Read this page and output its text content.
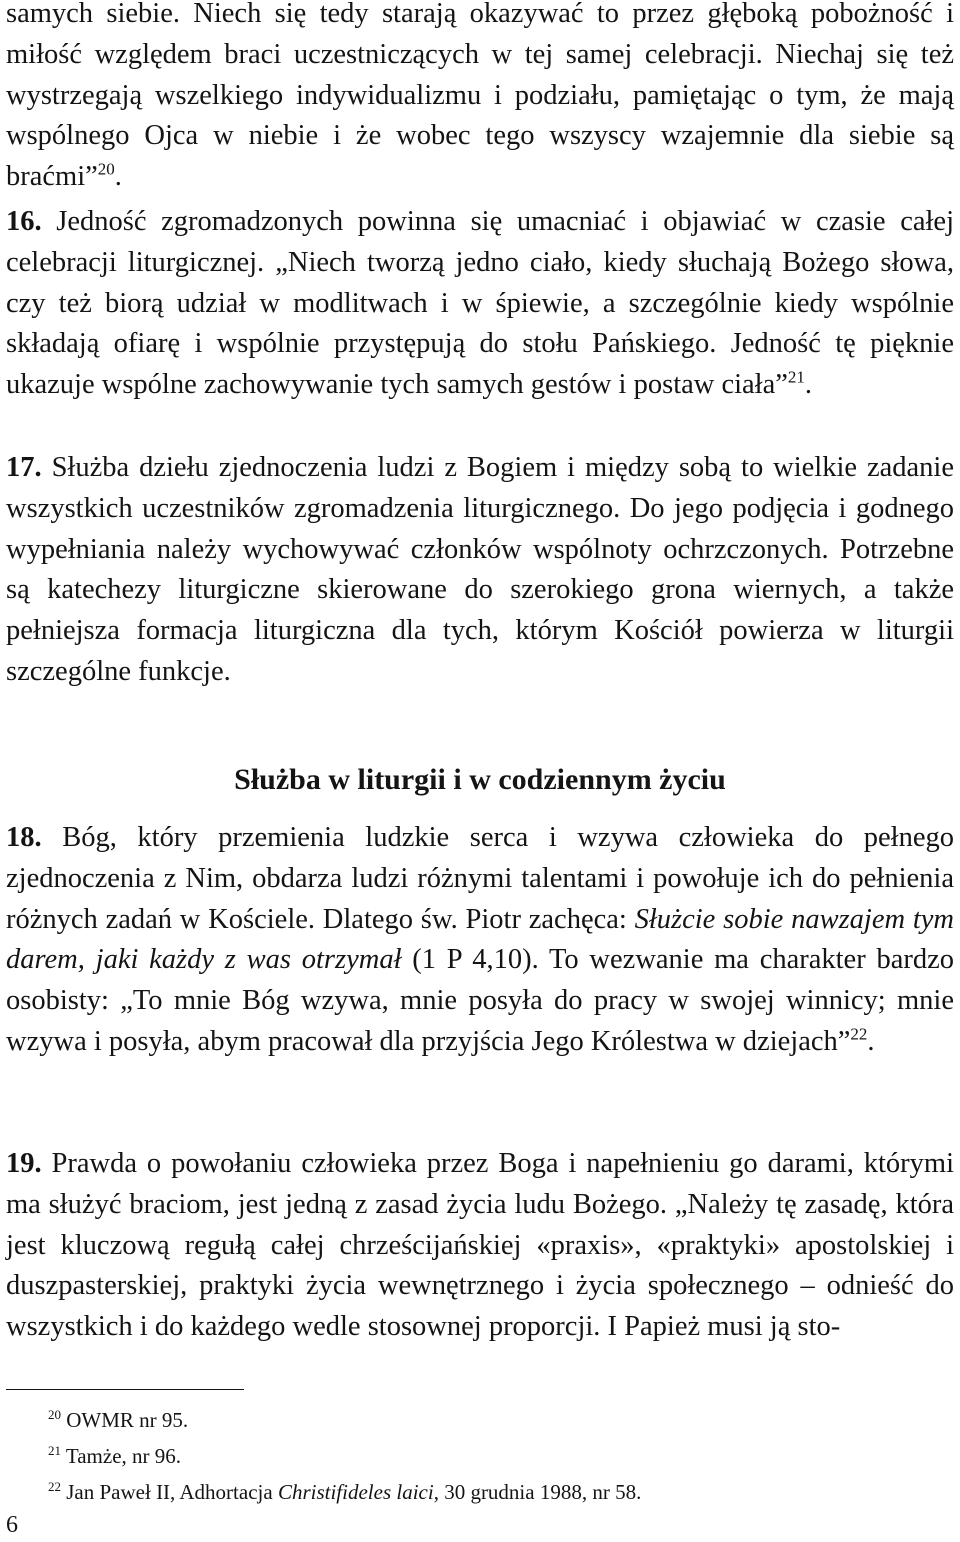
samych siebie. Niech się tedy starają okazywać to przez głęboką pobożność i miłość względem braci uczestniczących w tej samej celebracji. Niechaj się też wystrzegają wszelkiego indywidualizmu i podziału, pamiętając o tym, że mają wspólnego Ojca w niebie i że wobec tego wszyscy wzajemnie dla siebie są braćmi”$^{20}$.

16. Jedność zgromadzonych powinna się umacniać i objawiać w czasie całej celebracji liturgicznej. „Niech tworzą jedno ciało, kiedy słuchają Bożego słowa, czy też biorą udział w modlitwach i w śpiewie, a szczególnie kiedy wspólnie składają ofiarę i wspólnie przystępują do stołu Pańskiego. Jedność tę pięknie ukazuje wspólne zachowywanie tych samych gestów i postaw ciała”$^{21}$.

17. Służba dziełu zjednoczenia ludzi z Bogiem i między sobą to wielkie zadanie wszystkich uczestników zgromadzenia liturgicznego. Do jego podjęcia i godnego wypełniania należy wychowywać członków wspólnoty ochrzczonych. Potrzebne są katechezy liturgiczne skierowane do szerokiego grona wiernych, a także pełniejsza formacja liturgiczna dla tych, którym Kościół powierza w liturgii szczególne funkcje.

Służba w liturgii i w codziennym życiu

18. Bóg, który przemienia ludzkie serca i wzywa człowieka do pełnego zjednoczenia z Nim, obdarza ludzi różnymi talentami i powołuje ich do pełnienia różnych zadań w Kościele. Dlatego św. Piotr zachęca: Służcie sobie nawzajem tym darem, jaki każdy z was otrzymał (1 P 4,10). To wezwanie ma charakter bardzo osobisty: „To mnie Bóg wzywa, mnie posyła do pracy w swojej winnicy; mnie wzywa i posyła, abym pracował dla przyjścia Jego Królestwa w dziejach”$^{22}$.

19. Prawda o powołaniu człowieka przez Boga i napełnieniu go darami, którymi ma służyć braciom, jest jedną z zasad życia ludu Bożego. „Należy tę zasadę, która jest kluczową regułą całej chrześcijańskiej «praxis», «praktyki» apostolskiej i duszpasterskiej, praktyki życia wewnętrznego i życia społecznego – odnieść do wszystkich i do każdego wedle stosownej proporcji. I Papież musi ją sto-

$^{20}$ OWMR nr 95.

$^{21}$ Tamże, nr 96.

$^{22}$ Jan Paweł II, Adhortacja Christifideles laici, 30 grudnia 1988, nr 58.

6
